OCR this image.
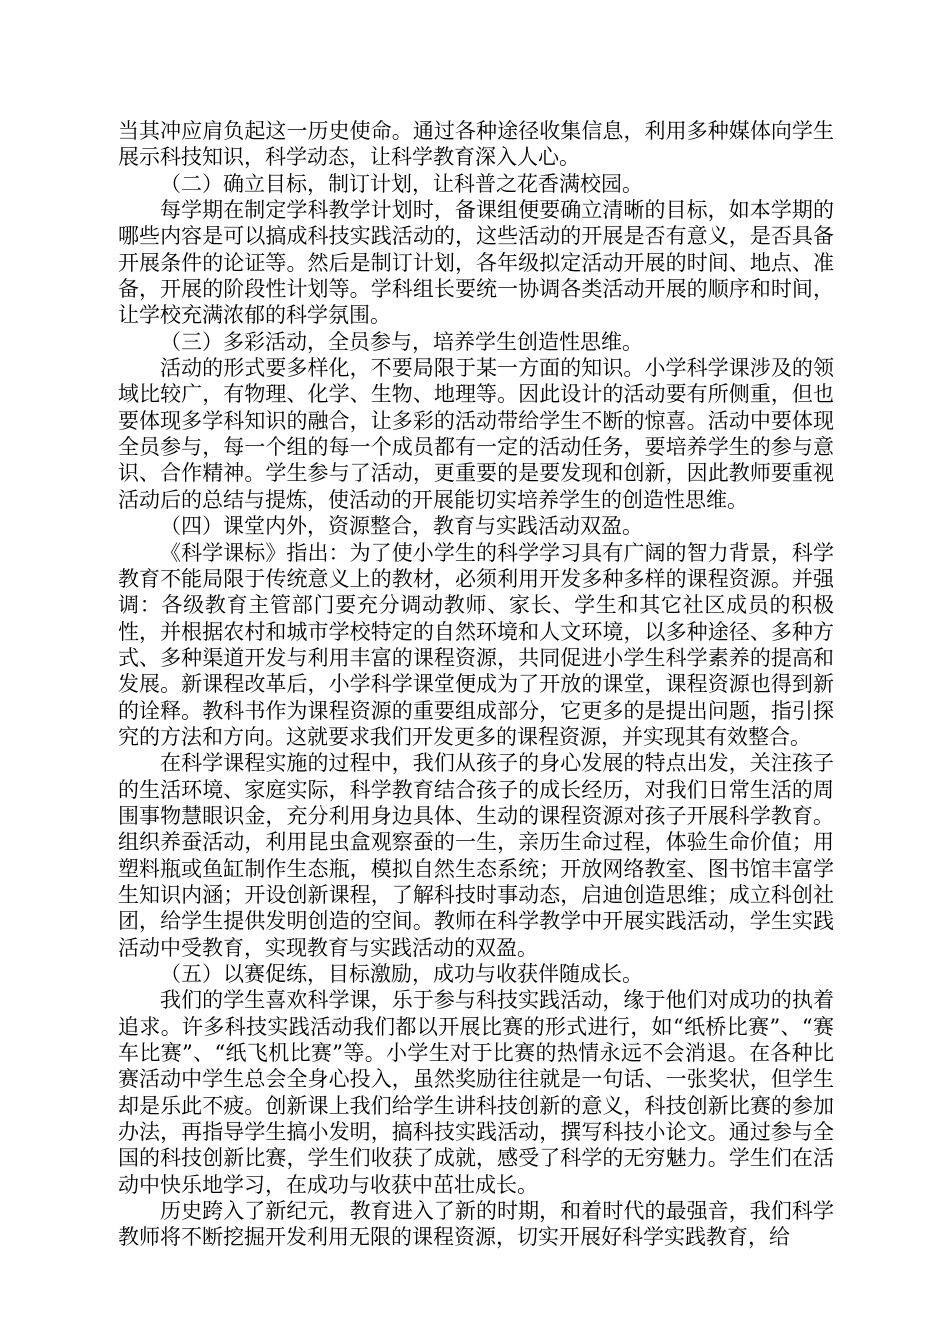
当其冲应肩负起这一历史使命。通过各种途径收集信息，利用多种媒体向学生展示科技知识，科学动态，让科学教育深入人心。

（二）确立目标，制订计划，让科普之花香满校园。

每学期在制定学科教学计划时，备课组便要确立清晰的目标，如本学期的哪些内容是可以搞成科技实践活动的，这些活动的开展是否有意义，是否具备开展条件的论证等。然后是制订计划，各年级拟定活动开展的时间、地点、准备，开展的阶段性计划等。学科组长要统一协调各类活动开展的顺序和时间，让学校充满浓郁的科学氛围。

（三）多彩活动，全员参与，培养学生创造性思维。

活动的形式要多样化，不要局限于某一方面的知识。小学科学课涉及的领域比较广，有物理、化学、生物、地理等。因此设计的活动要有所侧重，但也要体现多学科知识的融合，让多彩的活动带给学生不断的惊喜。活动中要体现全员参与，每一个组的每一个成员都有一定的活动任务，要培养学生的参与意识、合作精神。学生参与了活动，更重要的是要发现和创新，因此教师要重视活动后的总结与提炼，使活动的开展能切实培养学生的创造性思维。

（四）课堂内外，资源整合，教育与实践活动双盈。

《科学课标》指出：为了使小学生的科学学习具有广阔的智力背景，科学教育不能局限于传统意义上的教材，必须利用开发多种多样的课程资源。并强调：各级教育主管部门要充分调动教师、家长、学生和其它社区成员的积极性，并根据农村和城市学校特定的自然环境和人文环境，以多种途径、多种方式、多种渠道开发与利用丰富的课程资源，共同促进小学生科学素养的提高和发展。新课程改革后，小学科学课堂便成为了开放的课堂，课程资源也得到新的诠释。教科书作为课程资源的重要组成部分，它更多的是提出问题，指引探究的方法和方向。这就要求我们开发更多的课程资源，并实现其有效整合。

在科学课程实施的过程中，我们从孩子的身心发展的特点出发，关注孩子的生活环境、家庭实际，科学教育结合孩子的成长经历，对我们日常生活的周围事物慧眼识金，充分利用身边具体、生动的课程资源对孩子开展科学教育。组织养蚕活动，利用昆虫盒观察蚕的一生，亲历生命过程，体验生命价值；用塑料瓶或鱼缸制作生态瓶，模拟自然生态系统；开放网络教室、图书馆丰富学生知识内涵；开设创新课程，了解科技时事动态，启迪创造思维；成立科创社团，给学生提供发明创造的空间。教师在科学教学中开展实践活动，学生实践活动中受教育，实现教育与实践活动的双盈。

（五）以赛促练，目标激励，成功与收获伴随成长。

我们的学生喜欢科学课，乐于参与科技实践活动，缘于他们对成功的执着追求。许多科技实践活动我们都以开展比赛的形式进行，如“纸桥比赛”、“赛车比赛”、“纸飞机比赛”等。小学生对于比赛的热情永远不会消退。在各种比赛活动中学生总会全身心投入，虽然奖励往往就是一句话、一张奖状，但学生却是乐此不疲。创新课上我们给学生讲科技创新的意义，科技创新比赛的参加办法，再指导学生搞小发明，搞科技实践活动，撰写科技小论文。通过参与全国的科技创新比赛，学生们收获了成就，感受了科学的无穷魅力。学生们在活动中快乐地学习，在成功与收获中茁壮成长。

历史跨入了新纪元，教育进入了新的时期，和着时代的最强音，我们科学教师将不断挖掘开发利用无限的课程资源，切实开展好科学实践教育，给
